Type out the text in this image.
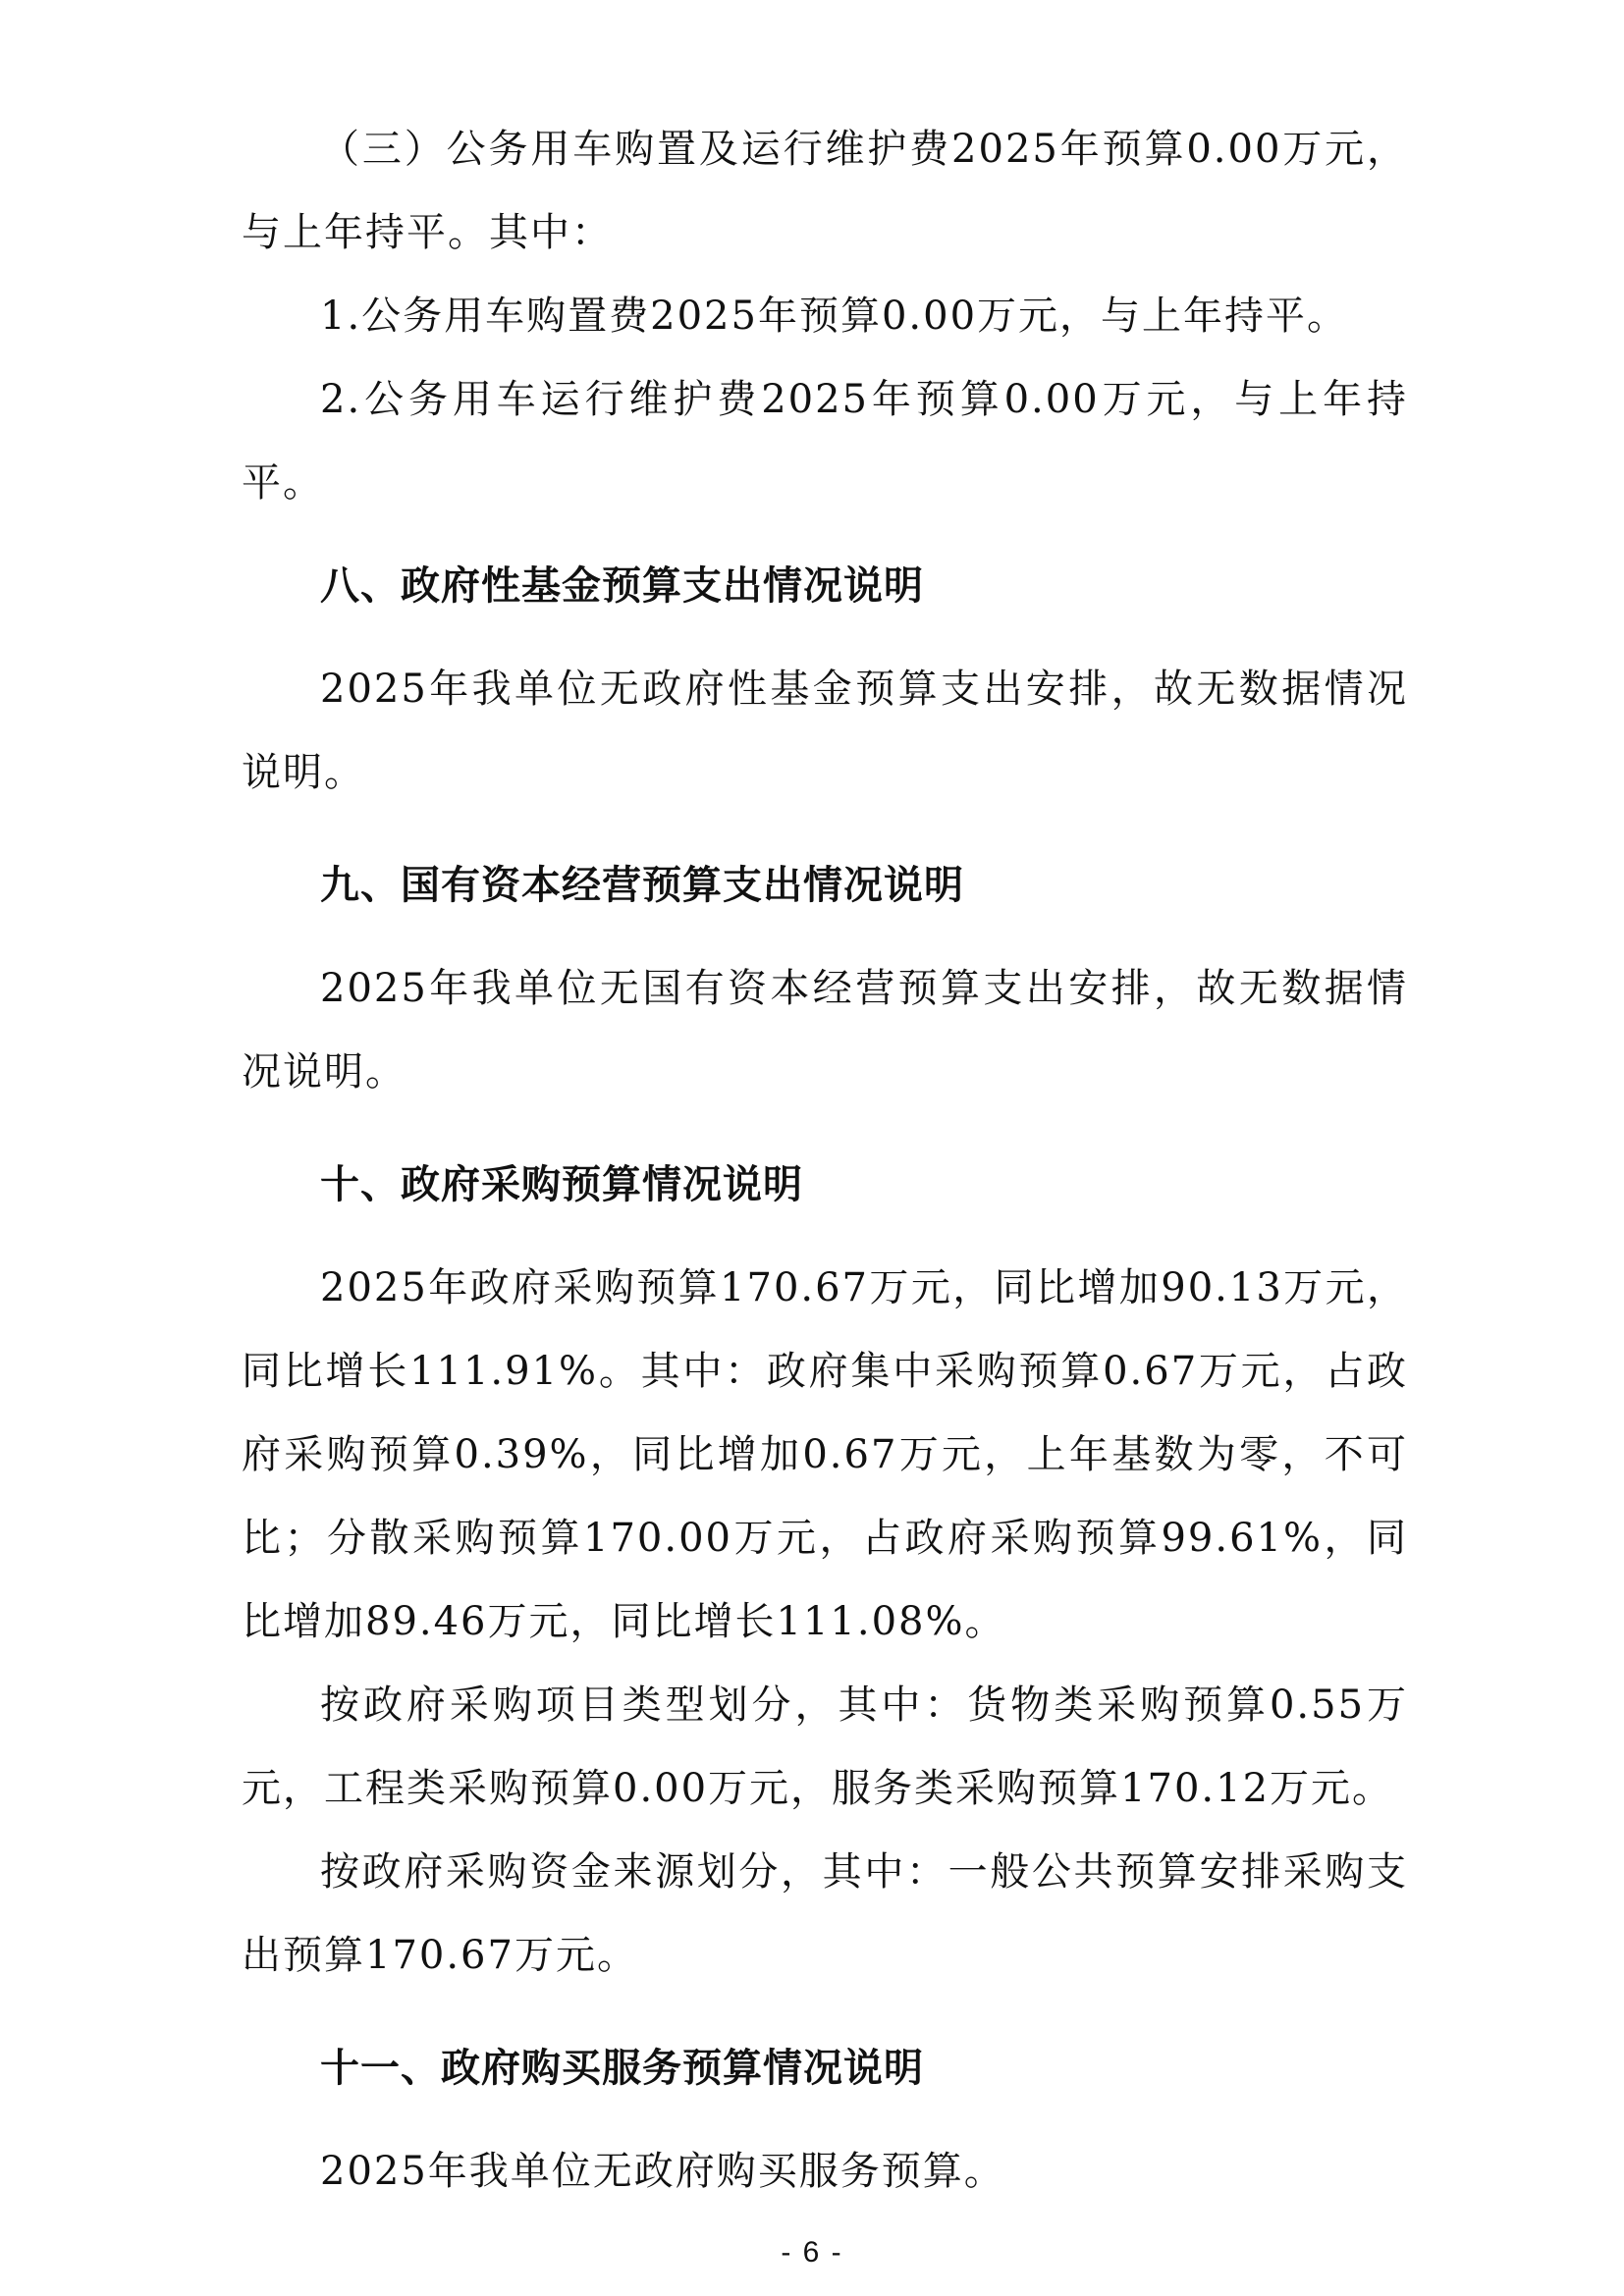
（三）公务用车购置及运行维护费2025年预算0.00万元，与上年持平。其中：

1.公务用车购置费2025年预算0.00万元，与上年持平。

2.公务用车运行维护费2025年预算0.00万元，与上年持平。

八、政府性基金预算支出情况说明

2025年我单位无政府性基金预算支出安排，故无数据情况说明。

九、国有资本经营预算支出情况说明

2025年我单位无国有资本经营预算支出安排，故无数据情况说明。

十、政府采购预算情况说明

2025年政府采购预算170.67万元，同比增加90.13万元，同比增长111.91%。其中：政府集中采购预算0.67万元，占政府采购预算0.39%，同比增加0.67万元，上年基数为零，不可比；分散采购预算170.00万元，占政府采购预算99.61%，同比增加89.46万元，同比增长111.08%。

按政府采购项目类型划分，其中：货物类采购预算0.55万元，工程类采购预算0.00万元，服务类采购预算170.12万元。

按政府采购资金来源划分，其中：一般公共预算安排采购支出预算170.67万元。

十一、政府购买服务预算情况说明

2025年我单位无政府购买服务预算。

- 6 -
